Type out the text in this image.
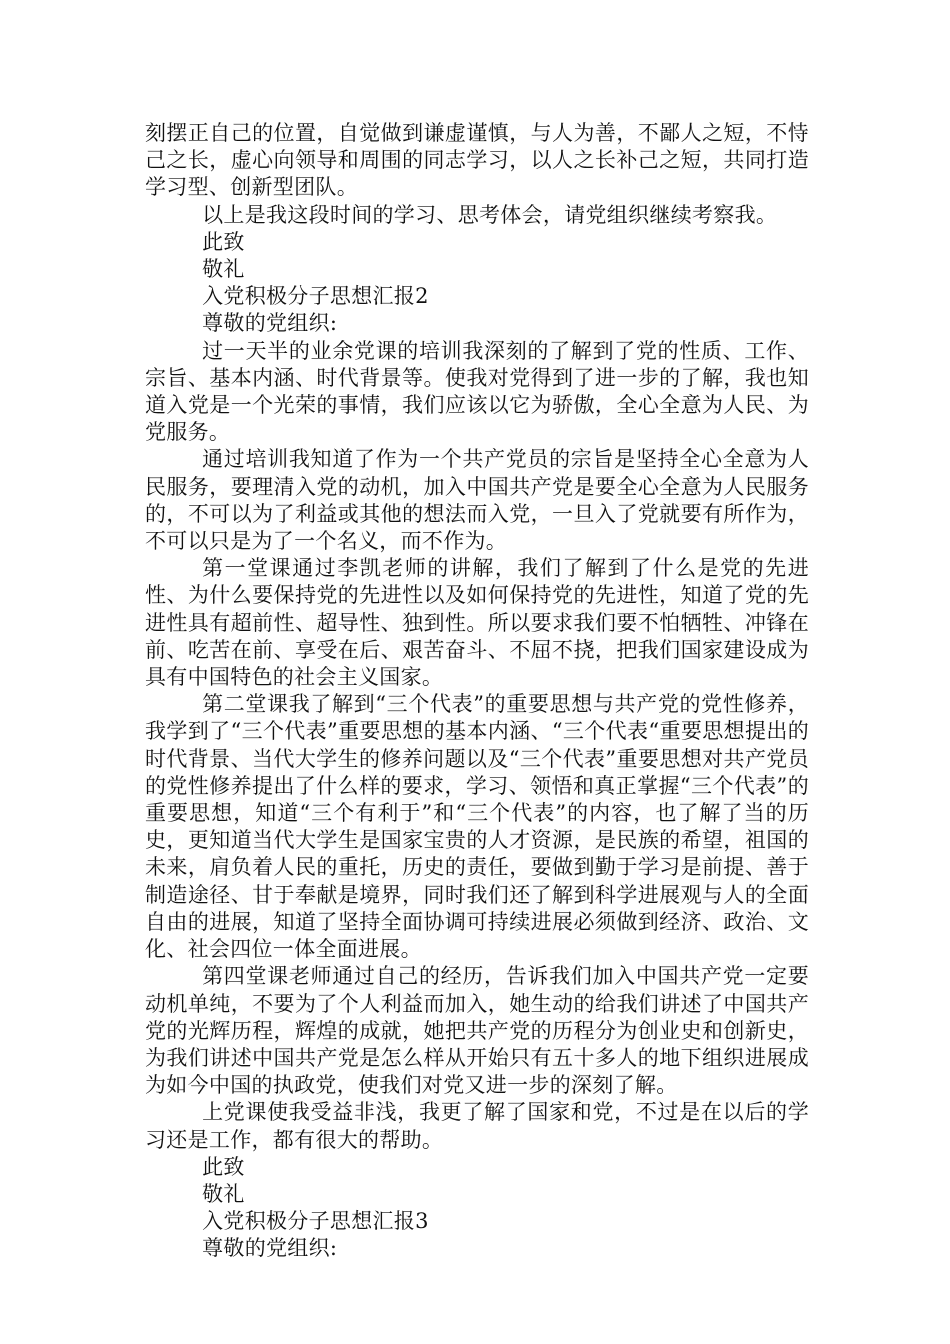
刻摆正自己的位置，自觉做到谦虚谨慎，与人为善，不鄙人之短，不恃己之长，虚心向领导和周围的同志学习，以人之长补己之短，共同打造学习型、创新型团队。

以上是我这段时间的学习、思考体会，请党组织继续考察我。

此致

敬礼

入党积极分子思想汇报2

尊敬的党组织:

过一天半的业余党课的培训我深刻的了解到了党的性质、工作、宗旨、基本内涵、时代背景等。使我对党得到了进一步的了解，我也知道入党是一个光荣的事情，我们应该以它为骄傲，全心全意为人民、为党服务。

通过培训我知道了作为一个共产党员的宗旨是坚持全心全意为人民服务，要理清入党的动机，加入中国共产党是要全心全意为人民服务的，不可以为了利益或其他的想法而入党，一旦入了党就要有所作为，不可以只是为了一个名义，而不作为。

第一堂课通过李凯老师的讲解，我们了解到了什么是党的先进性、为什么要保持党的先进性以及如何保持党的先进性，知道了党的先进性具有超前性、超导性、独到性。所以要求我们要不怕牺牲、冲锋在前、吃苦在前、享受在后、艰苦奋斗、不屈不挠，把我们国家建设成为具有中国特色的社会主义国家。

第二堂课我了解到“三个代表”的重要思想与共产党的党性修养，我学到了“三个代表”重要思想的基本内涵、“三个代表“重要思想提出的时代背景、当代大学生的修养问题以及“三个代表”重要思想对共产党员的党性修养提出了什么样的要求，学习、领悟和真正掌握“三个代表”的重要思想，知道“三个有利于”和“三个代表”的内容，也了解了当的历史，更知道当代大学生是国家宝贵的人才资源，是民族的希望，祖国的未来，肩负着人民的重托，历史的责任，要做到勤于学习是前提、善于制造途径、甘于奉献是境界，同时我们还了解到科学进展观与人的全面自由的进展，知道了坚持全面协调可持续进展必须做到经济、政治、文化、社会四位一体全面进展。

第四堂课老师通过自己的经历，告诉我们加入中国共产党一定要动机单纯，不要为了个人利益而加入，她生动的给我们讲述了中国共产党的光辉历程，辉煌的成就，她把共产党的历程分为创业史和创新史，为我们讲述中国共产党是怎么样从开始只有五十多人的地下组织进展成为如今中国的执政党，使我们对党又进一步的深刻了解。

上党课使我受益非浅，我更了解了国家和党，不过是在以后的学习还是工作，都有很大的帮助。

此致

敬礼

入党积极分子思想汇报3

尊敬的党组织:
